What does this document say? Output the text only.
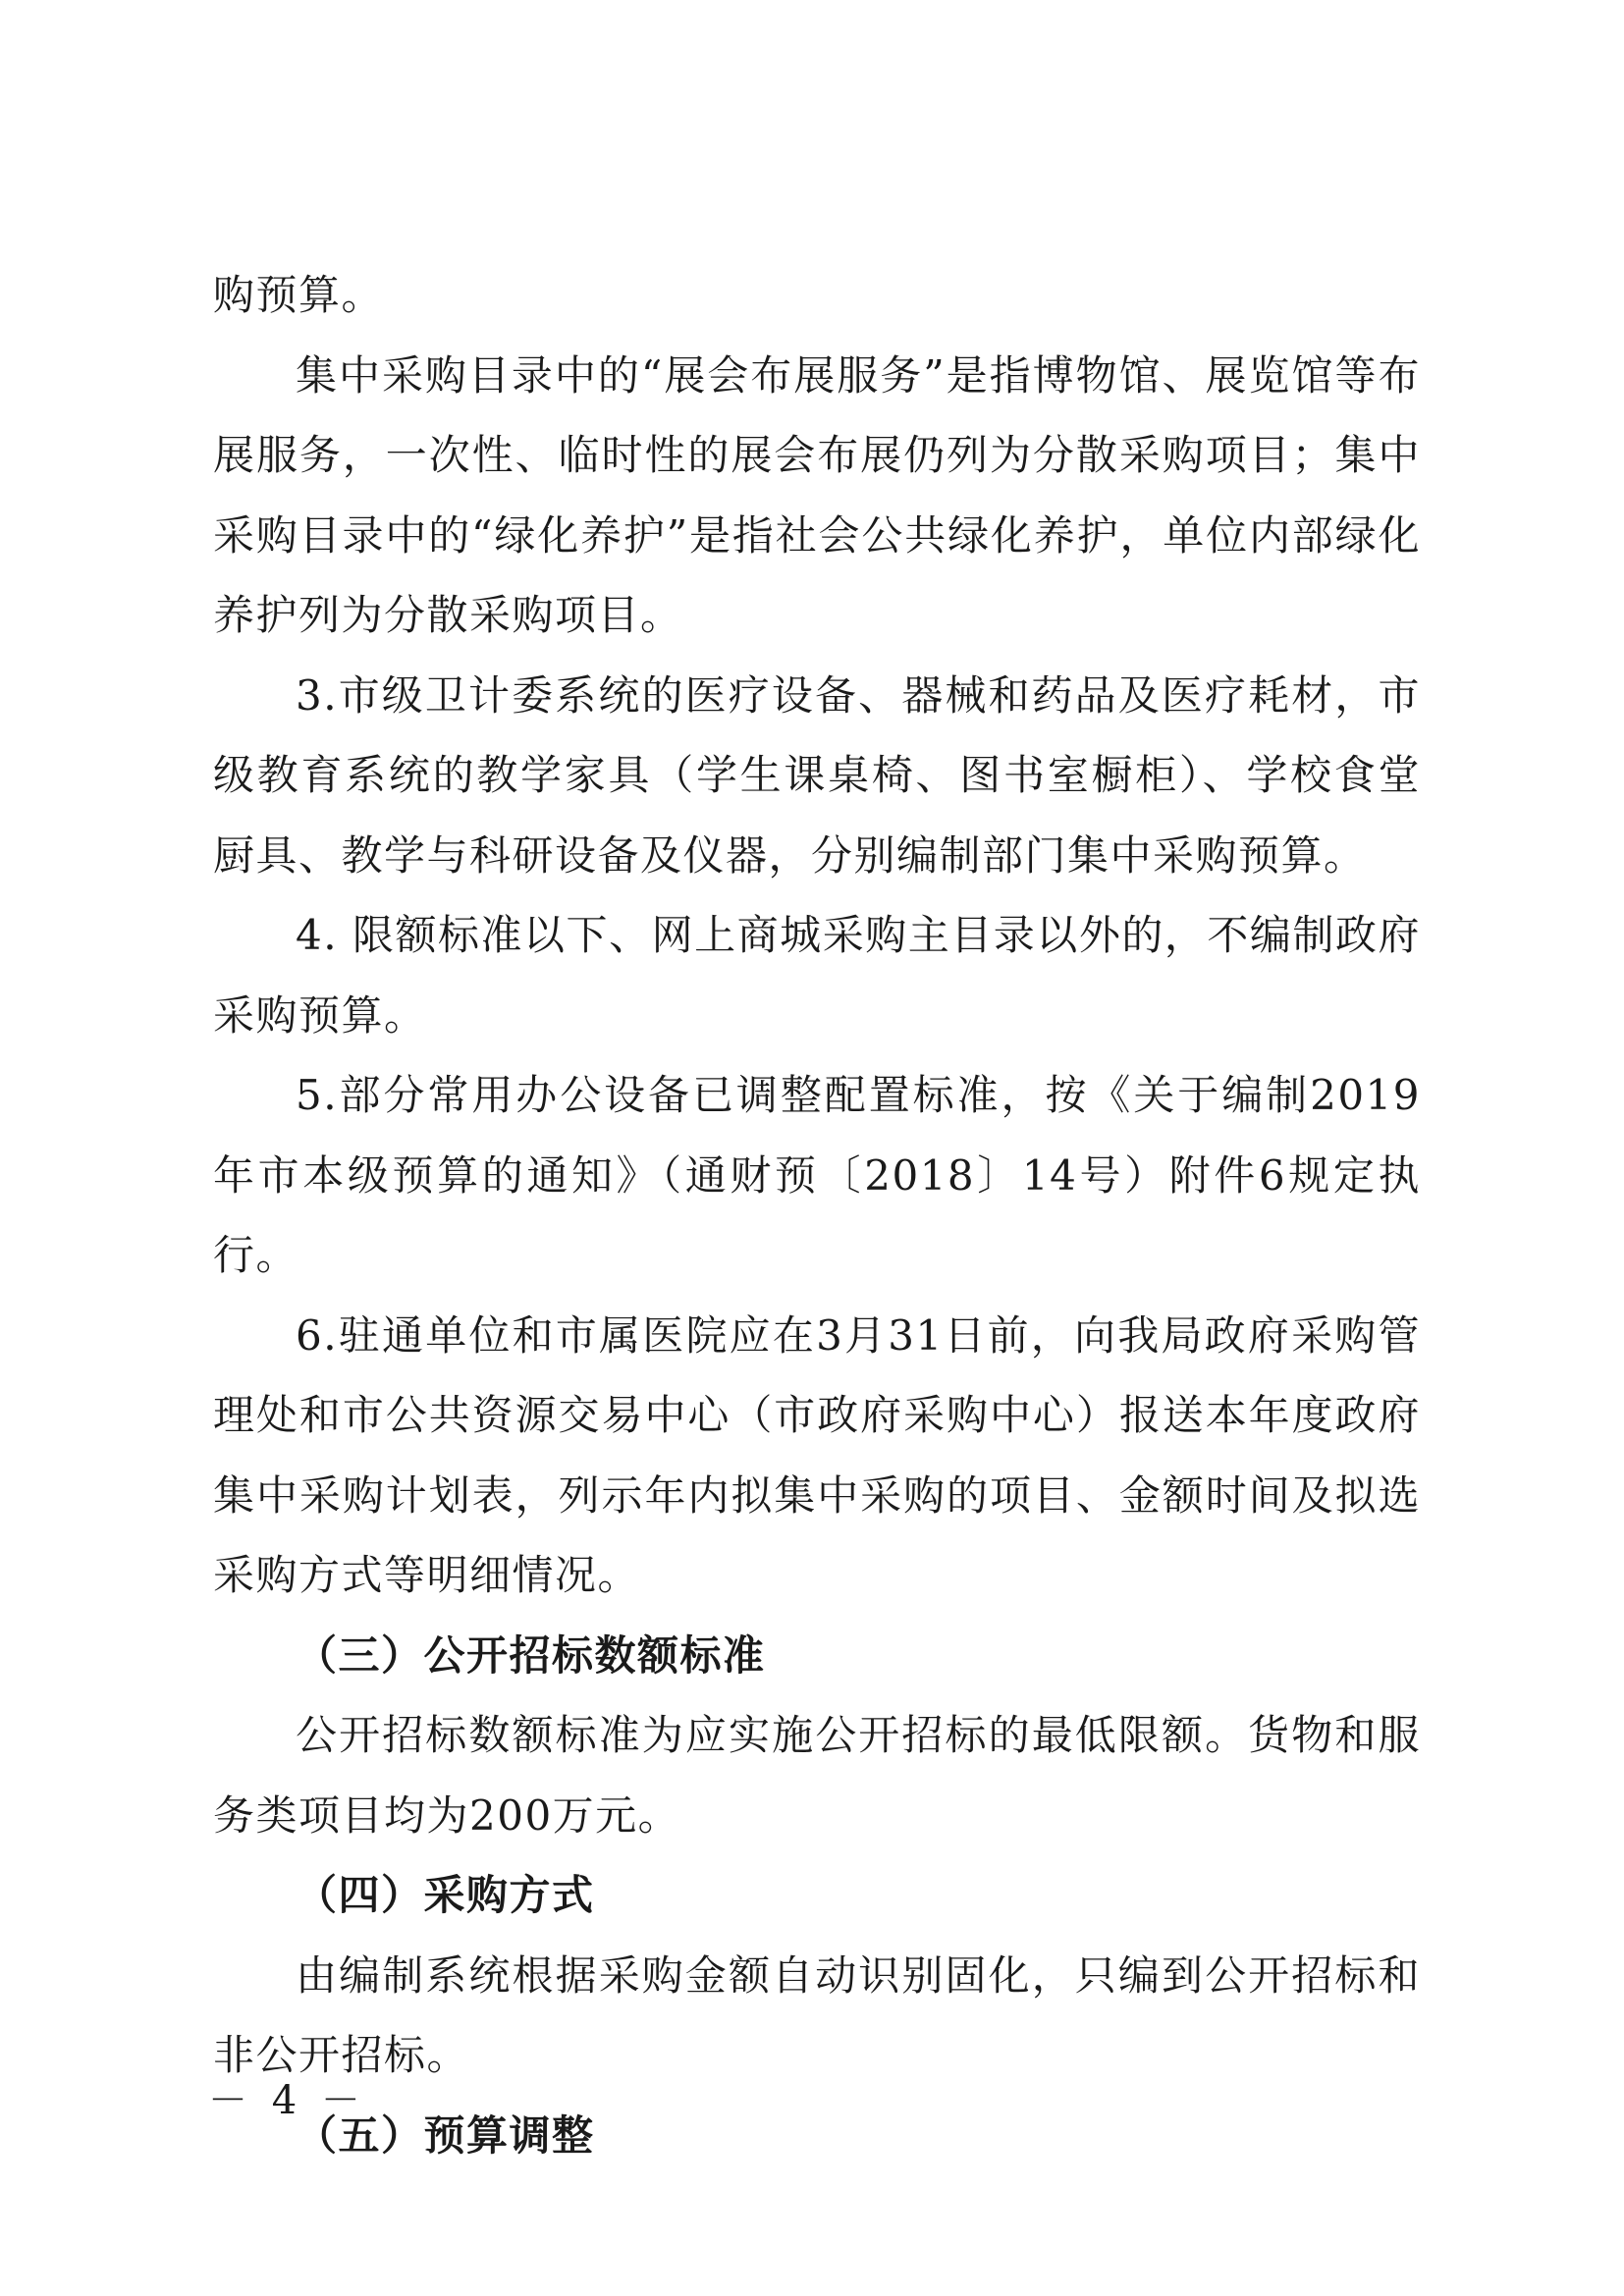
购预算。

集中采购目录中的“展会布展服务”是指博物馆、展览馆等布展服务，一次性、临时性的展会布展仍列为分散采购项目；集中采购目录中的“绿化养护”是指社会公共绿化养护，单位内部绿化养护列为分散采购项目。

3.市级卫计委系统的医疗设备、器械和药品及医疗耗材，市级教育系统的教学家具（学生课桌椅、图书室橱柜）、学校食堂厨具、教学与科研设备及仪器，分别编制部门集中采购预算。

4. 限额标准以下、网上商城采购主目录以外的，不编制政府采购预算。

5.部分常用办公设备已调整配置标准，按《关于编制2019年市本级预算的通知》（通财预〔2018〕14号）附件6规定执行。

6.驻通单位和市属医院应在3月31日前，向我局政府采购管理处和市公共资源交易中心（市政府采购中心）报送本年度政府集中采购计划表，列示年内拟集中采购的项目、金额时间及拟选采购方式等明细情况。

（三）公开招标数额标准

公开招标数额标准为应实施公开招标的最低限额。货物和服务类项目均为200万元。

（四）采购方式

由编制系统根据采购金额自动识别固化，只编到公开招标和非公开招标。

（五）预算调整

－ 4 －
